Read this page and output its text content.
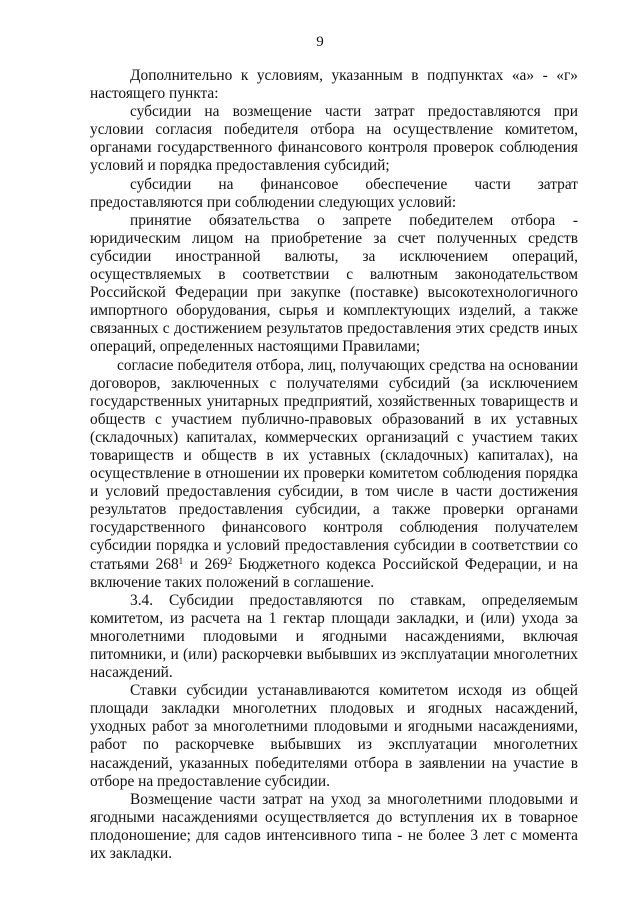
9

Дополнительно к условиям, указанным в подпунктах «а» - «г» настоящего пункта:

субсидии на возмещение части затрат предоставляются при условии согласия победителя отбора на осуществление комитетом, органами государственного финансового контроля проверок соблюдения условий и порядка предоставления субсидий;

субсидии на финансовое обеспечение части затрат предоставляются при соблюдении следующих условий:

принятие обязательства о запрете победителем отбора - юридическим лицом на приобретение за счет полученных средств субсидии иностранной валюты, за исключением операций, осуществляемых в соответствии с валютным законодательством Российской Федерации при закупке (поставке) высокотехнологичного импортного оборудования, сырья и комплектующих изделий, а также связанных с достижением результатов предоставления этих средств иных операций, определенных настоящими Правилами;

согласие победителя отбора, лиц, получающих средства на основании договоров, заключенных с получателями субсидий (за исключением государственных унитарных предприятий, хозяйственных товариществ и обществ с участием публично-правовых образований в их уставных (складочных) капиталах, коммерческих организаций с участием таких товариществ и обществ в их уставных (складочных) капиталах), на осуществление в отношении их проверки комитетом соблюдения порядка и условий предоставления субсидии, в том числе в части достижения результатов предоставления субсидии, а также проверки органами государственного финансового контроля соблюдения получателем субсидии порядка и условий предоставления субсидии в соответствии со статьями $268^1$ и $269^2$ Бюджетного кодекса Российской Федерации, и на включение таких положений в соглашение.

3.4. Субсидии предоставляются по ставкам, определяемым комитетом, из расчета на 1 гектар площади закладки, и (или) ухода за многолетними плодовыми и ягодными насаждениями, включая питомники, и (или) раскорчевки выбывших из эксплуатации многолетних насаждений.

Ставки субсидии устанавливаются комитетом исходя из общей площади закладки многолетних плодовых и ягодных насаждений, уходных работ за многолетними плодовыми и ягодными насаждениями, работ по раскорчевке выбывших из эксплуатации многолетних насаждений, указанных победителями отбора в заявлении на участие в отборе на предоставление субсидии.

Возмещение части затрат на уход за многолетними плодовыми и ягодными насаждениями осуществляется до вступления их в товарное плодоношение; для садов интенсивного типа - не более 3 лет с момента их закладки.
